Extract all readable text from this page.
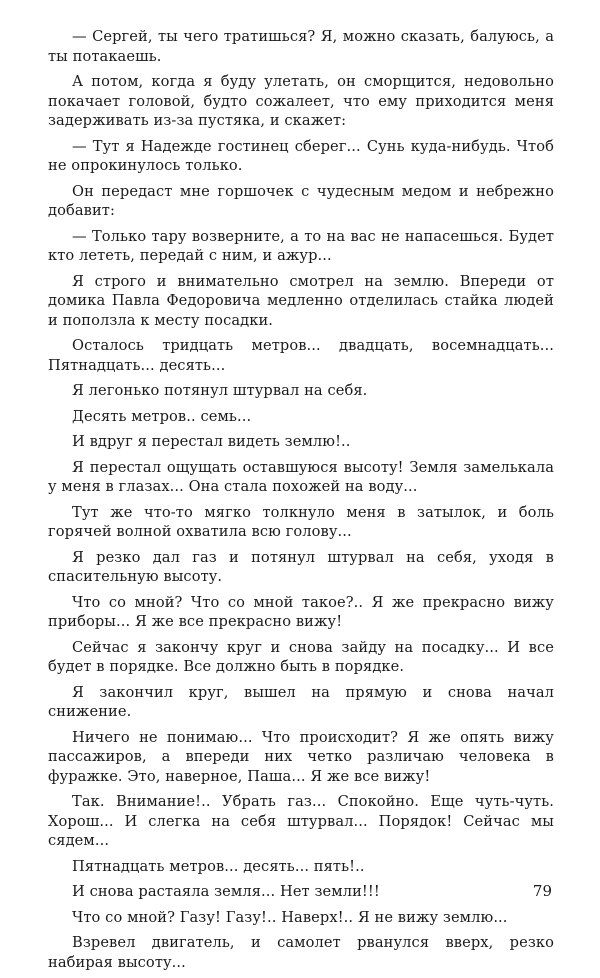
— Сергей, ты чего тратишься? Я, можно сказать, балуюсь, а ты потакаешь.

А потом, когда я буду улетать, он сморщится, недовольно покачает головой, будто сожалеет, что ему приходится меня задерживать из-за пустяка, и скажет:

— Тут я Надежде гостинец сберег... Сунь куда-нибудь. Чтоб не опрокинулось только.

Он передаст мне горшочек с чудесным медом и небрежно добавит:

— Только тару возверните, а то на вас не напасешься. Будет кто лететь, передай с ним, и ажур...

Я строго и внимательно смотрел на землю. Впереди от домика Павла Федоровича медленно отделилась стайка людей и поползла к месту посадки.

Осталось тридцать метров... двадцать, восемнадцать... Пятнадцать... десять...

Я легонько потянул штурвал на себя.

Десять метров.. семь...

И вдруг я перестал видеть землю!..

Я перестал ощущать оставшуюся высоту! Земля замелькала у меня в глазах... Она стала похожей на воду...

Тут же что-то мягко толкнуло меня в затылок, и боль горячей волной охватила всю голову...

Я резко дал газ и потянул штурвал на себя, уходя в спасительную высоту.

Что со мной? Что со мной такое?.. Я же прекрасно вижу приборы... Я же все прекрасно вижу!

Сейчас я закончу круг и снова зайду на посадку... И все будет в порядке. Все должно быть в порядке.

Я закончил круг, вышел на прямую и снова начал снижение.

Ничего не понимаю... Что происходит? Я же опять вижу пассажиров, а впереди них четко различаю человека в фуражке. Это, наверное, Паша... Я же все вижу!

Так. Внимание!.. Убрать газ... Спокойно. Еще чуть-чуть. Хорош... И слегка на себя штурвал... Порядок! Сейчас мы сядем...

Пятнадцать метров... десять... пять!..

И снова растаяла земля... Нет земли!!!

Что со мной? Газу! Газу!.. Наверх!.. Я не вижу землю...

Взревел двигатель, и самолет рванулся вверх, резко набирая высоту...

79
